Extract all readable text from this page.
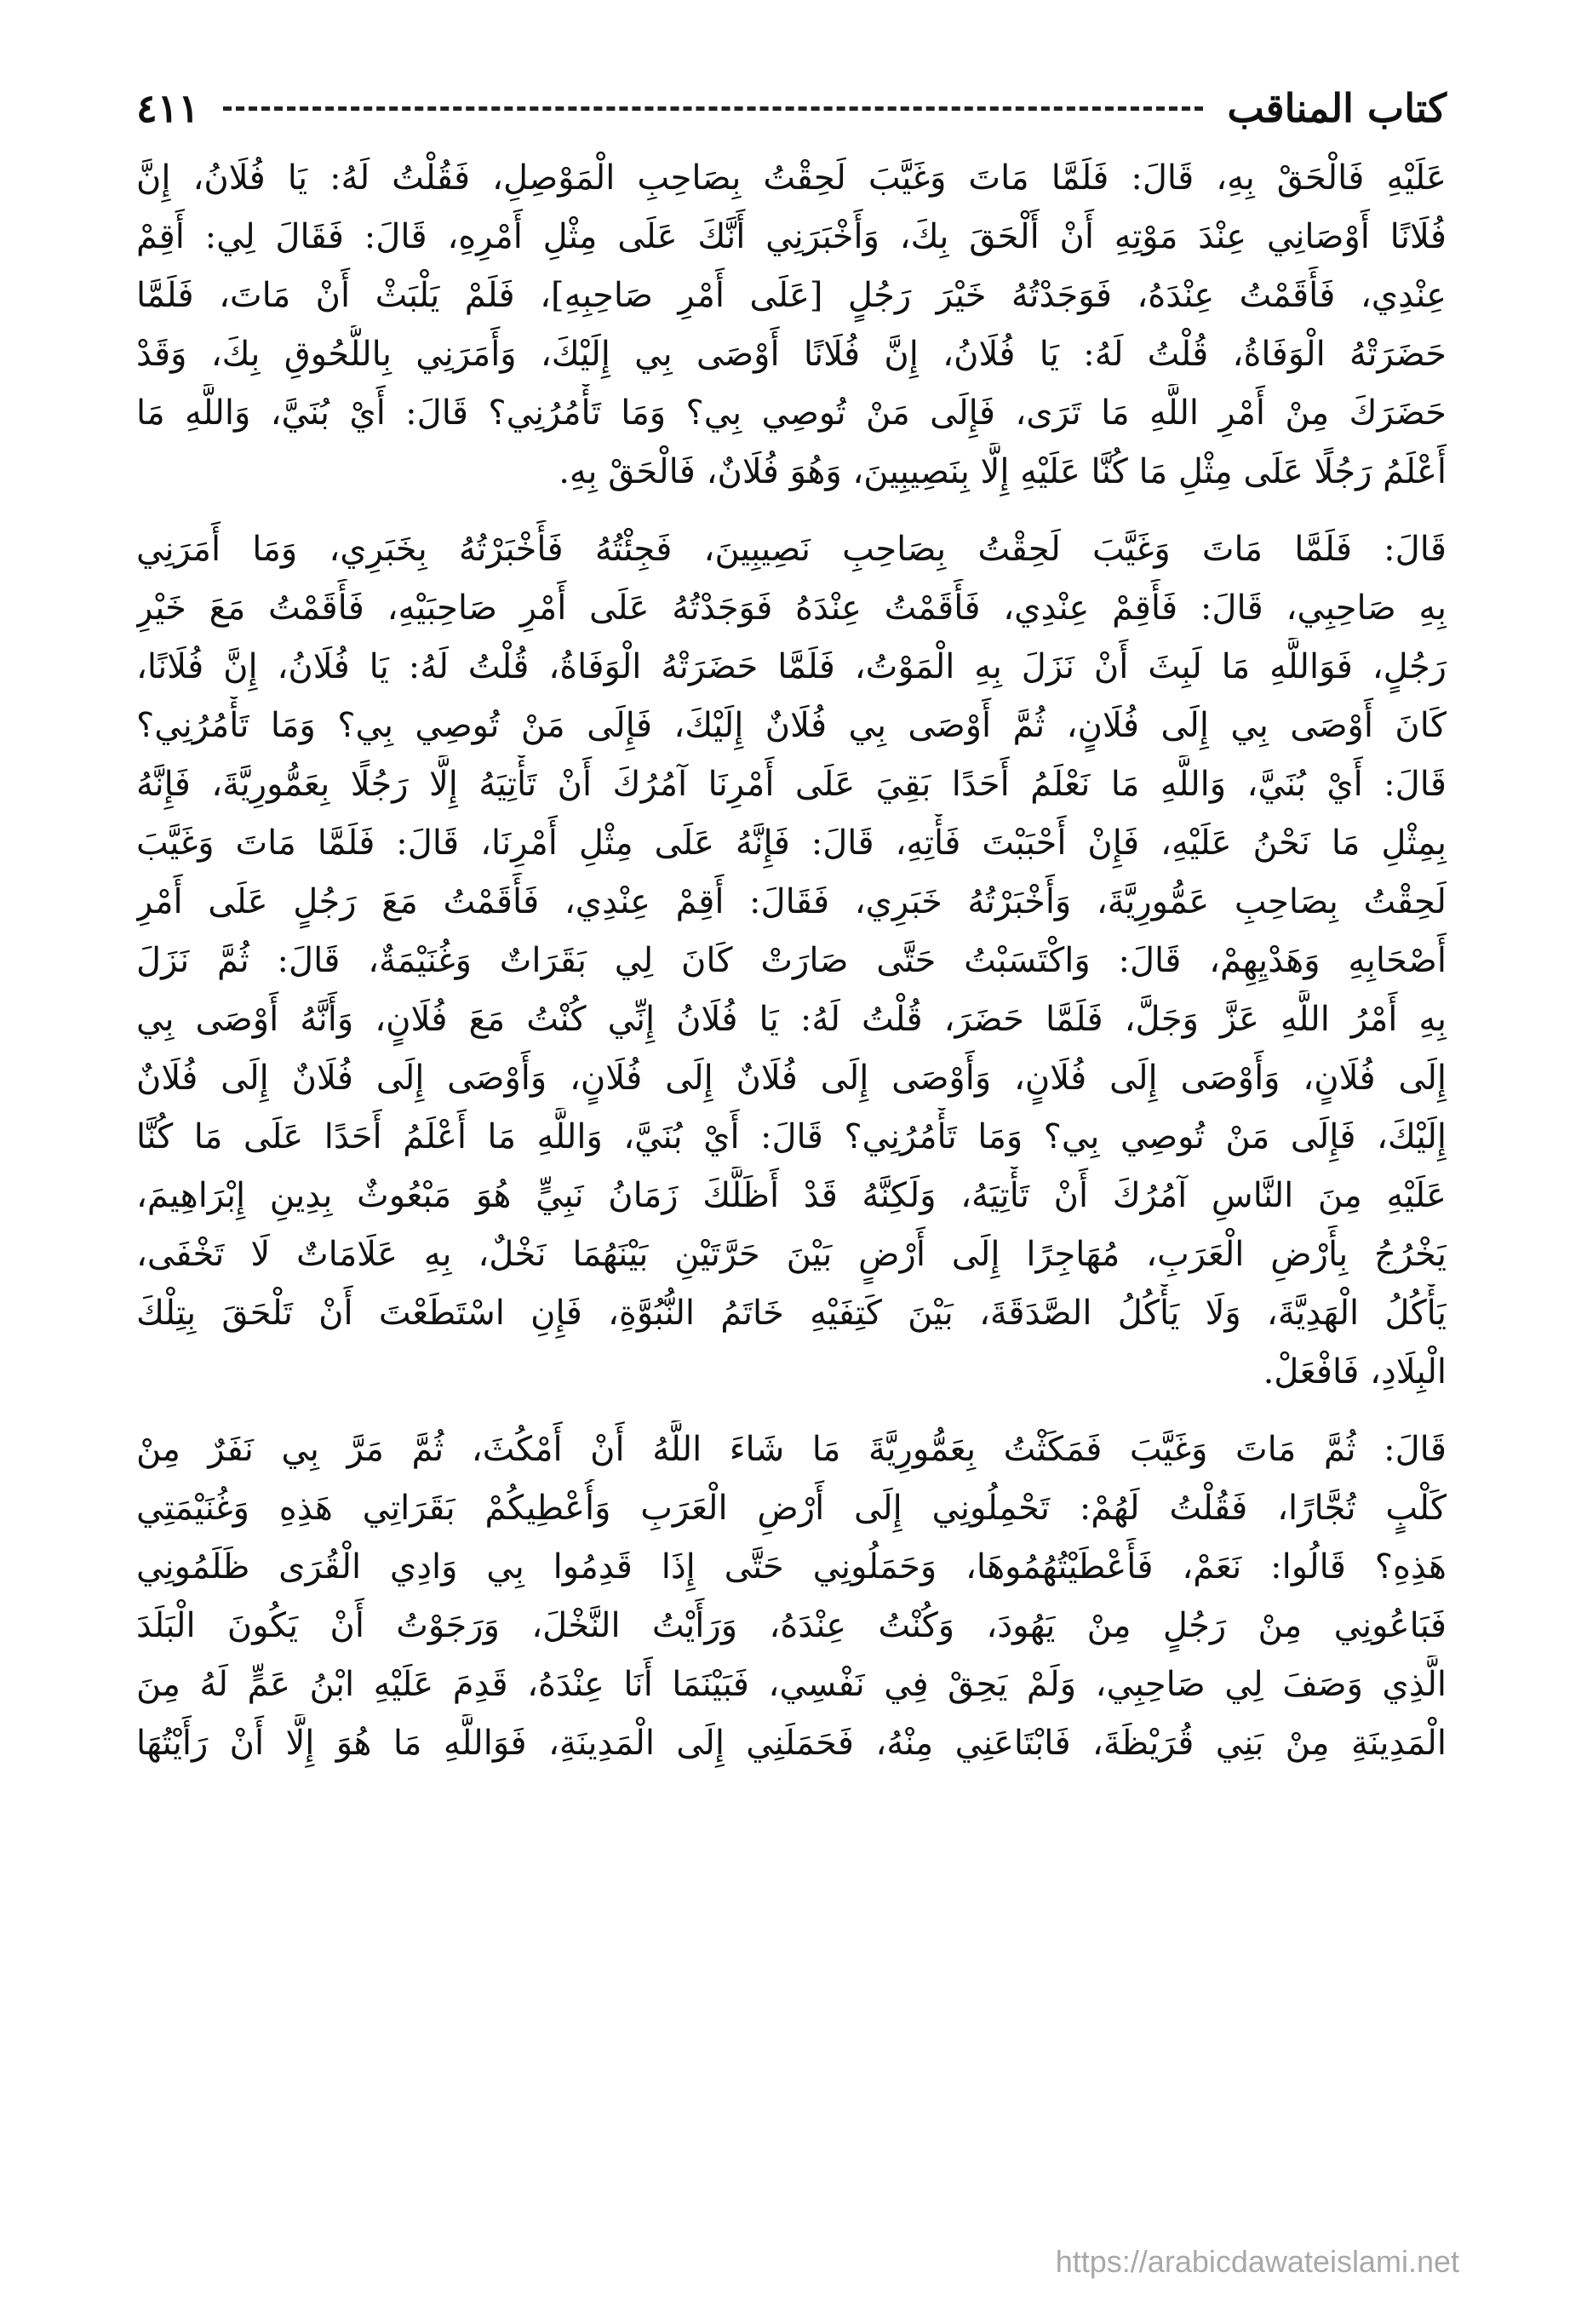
كتاب المناقب
٤١١
عَلَيْهِ فَالْحَقْ بِهِ، قَالَ: فَلَمَّا مَاتَ وَغَيَّبَ لَحِقْتُ بِصَاحِبِ الْمَوْصِلِ، فَقُلْتُ لَهُ: يَا فُلَانُ، إِنَّ
فُلَانًا أَوْصَانِي عِنْدَ مَوْتِهِ أَنْ أَلْحَقَ بِكَ، وَأَخْبَرَنِي أَنَّكَ عَلَى مِثْلِ أَمْرِهِ، قَالَ: فَقَالَ لِي: أَقِمْ
عِنْدِي، فَأَقَمْتُ عِنْدَهُ، فَوَجَدْتُهُ خَيْرَ رَجُلٍ [عَلَى أَمْرِ صَاحِبِهِ]، فَلَمْ يَلْبَثْ أَنْ مَاتَ، فَلَمَّا
حَضَرَتْهُ الْوَفَاةُ، قُلْتُ لَهُ: يَا فُلَانُ، إِنَّ فُلَانًا أَوْصَى بِي إِلَيْكَ، وَأَمَرَنِي بِاللُّحُوقِ بِكَ، وَقَدْ
حَضَرَكَ مِنْ أَمْرِ اللَّهِ مَا تَرَى، فَإِلَى مَنْ تُوصِي بِي؟ وَمَا تَأْمُرُنِي؟ قَالَ: أَيْ بُنَيَّ، وَاللَّهِ مَا
أَعْلَمُ رَجُلًا عَلَى مِثْلِ مَا كُنَّا عَلَيْهِ إِلَّا بِنَصِيبِينَ، وَهُوَ فُلَانٌ، فَالْحَقْ بِهِ.
قَالَ: فَلَمَّا مَاتَ وَغَيَّبَ لَحِقْتُ بِصَاحِبِ نَصِيبِينَ، فَجِئْتُهُ فَأَخْبَرْتُهُ بِخَبَرِي، وَمَا أَمَرَنِي
بِهِ صَاحِبِي، قَالَ: فَأَقِمْ عِنْدِي، فَأَقَمْتُ عِنْدَهُ فَوَجَدْتُهُ عَلَى أَمْرِ صَاحِبَيْهِ، فَأَقَمْتُ مَعَ خَيْرِ
رَجُلٍ، فَوَاللَّهِ مَا لَبِثَ أَنْ نَزَلَ بِهِ الْمَوْتُ، فَلَمَّا حَضَرَتْهُ الْوَفَاةُ، قُلْتُ لَهُ: يَا فُلَانُ، إِنَّ فُلَانًا،
كَانَ أَوْصَى بِي إِلَى فُلَانٍ، ثُمَّ أَوْصَى بِي فُلَانٌ إِلَيْكَ، فَإِلَى مَنْ تُوصِي بِي؟ وَمَا تَأْمُرُنِي؟
قَالَ: أَيْ بُنَيَّ، وَاللَّهِ مَا نَعْلَمُ أَحَدًا بَقِيَ عَلَى أَمْرِنَا آمُرُكَ أَنْ تَأْتِيَهُ إِلَّا رَجُلًا بِعَمُّورِيَّةَ، فَإِنَّهُ
بِمِثْلِ مَا نَحْنُ عَلَيْهِ، فَإِنْ أَحْبَبْتَ فَأْتِهِ، قَالَ: فَإِنَّهُ عَلَى مِثْلِ أَمْرِنَا، قَالَ: فَلَمَّا مَاتَ وَغَيَّبَ
لَحِقْتُ بِصَاحِبِ عَمُّورِيَّةَ، وَأَخْبَرْتُهُ خَبَرِي، فَقَالَ: أَقِمْ عِنْدِي، فَأَقَمْتُ مَعَ رَجُلٍ عَلَى أَمْرِ
أَصْحَابِهِ وَهَدْيِهِمْ، قَالَ: وَاكْتَسَبْتُ حَتَّى صَارَتْ كَانَ لِي بَقَرَاتٌ وَغُنَيْمَةٌ، قَالَ: ثُمَّ نَزَلَ
بِهِ أَمْرُ اللَّهِ عَزَّ وَجَلَّ، فَلَمَّا حَضَرَ، قُلْتُ لَهُ: يَا فُلَانُ إِنِّي كُنْتُ مَعَ فُلَانٍ، وَأَنَّهُ أَوْصَى بِي
إِلَى فُلَانٍ، وَأَوْصَى إِلَى فُلَانٍ، وَأَوْصَى إِلَى فُلَانٌ إِلَى فُلَانٍ، وَأَوْصَى إِلَى فُلَانٌ إِلَى فُلَانٌ
إِلَيْكَ، فَإِلَى مَنْ تُوصِي بِي؟ وَمَا تَأْمُرُنِي؟ قَالَ: أَيْ بُنَيَّ، وَاللَّهِ مَا أَعْلَمُ أَحَدًا عَلَى مَا كُنَّا
عَلَيْهِ مِنَ النَّاسِ آمُرُكَ أَنْ تَأْتِيَهُ، وَلَكِنَّهُ قَدْ أَظَلَّكَ زَمَانُ نَبِيٍّ هُوَ مَبْعُوثٌ بِدِينِ إِبْرَاهِيمَ،
يَخْرُجُ بِأَرْضِ الْعَرَبِ، مُهَاجِرًا إِلَى أَرْضٍ بَيْنَ حَرَّتَيْنِ بَيْنَهُمَا نَخْلٌ، بِهِ عَلَامَاتٌ لَا تَخْفَى،
يَأْكُلُ الْهَدِيَّةَ، وَلَا يَأْكُلُ الصَّدَقَةَ، بَيْنَ كَتِفَيْهِ خَاتَمُ النُّبُوَّةِ، فَإِنِ اسْتَطَعْتَ أَنْ تَلْحَقَ بِتِلْكَ
الْبِلَادِ، فَافْعَلْ.
قَالَ: ثُمَّ مَاتَ وَغَيَّبَ فَمَكَثْتُ بِعَمُّورِيَّةَ مَا شَاءَ اللَّهُ أَنْ أَمْكُثَ، ثُمَّ مَرَّ بِي نَفَرٌ مِنْ
كَلْبٍ تُجَّارًا، فَقُلْتُ لَهُمْ: تَحْمِلُونِي إِلَى أَرْضِ الْعَرَبِ وَأُعْطِيكُمْ بَقَرَاتِي هَذِهِ وَغُنَيْمَتِي
هَذِهِ؟ قَالُوا: نَعَمْ، فَأَعْطَيْتُهُمُوهَا، وَحَمَلُونِي حَتَّى إِذَا قَدِمُوا بِي وَادِي الْقُرَى ظَلَمُونِي
فَبَاعُونِي مِنْ رَجُلٍ مِنْ يَهُودَ، وَكُنْتُ عِنْدَهُ، وَرَأَيْتُ النَّخْلَ، وَرَجَوْتُ أَنْ يَكُونَ الْبَلَدَ
الَّذِي وَصَفَ لِي صَاحِبِي، وَلَمْ يَحِقْ فِي نَفْسِي، فَبَيْنَمَا أَنَا عِنْدَهُ، قَدِمَ عَلَيْهِ ابْنُ عَمٍّ لَهُ مِنَ
الْمَدِينَةِ مِنْ بَنِي قُرَيْظَةَ، فَابْتَاعَنِي مِنْهُ، فَحَمَلَنِي إِلَى الْمَدِينَةِ، فَوَاللَّهِ مَا هُوَ إِلَّا أَنْ رَأَيْتُهَا
https://arabicdawateislami.net
